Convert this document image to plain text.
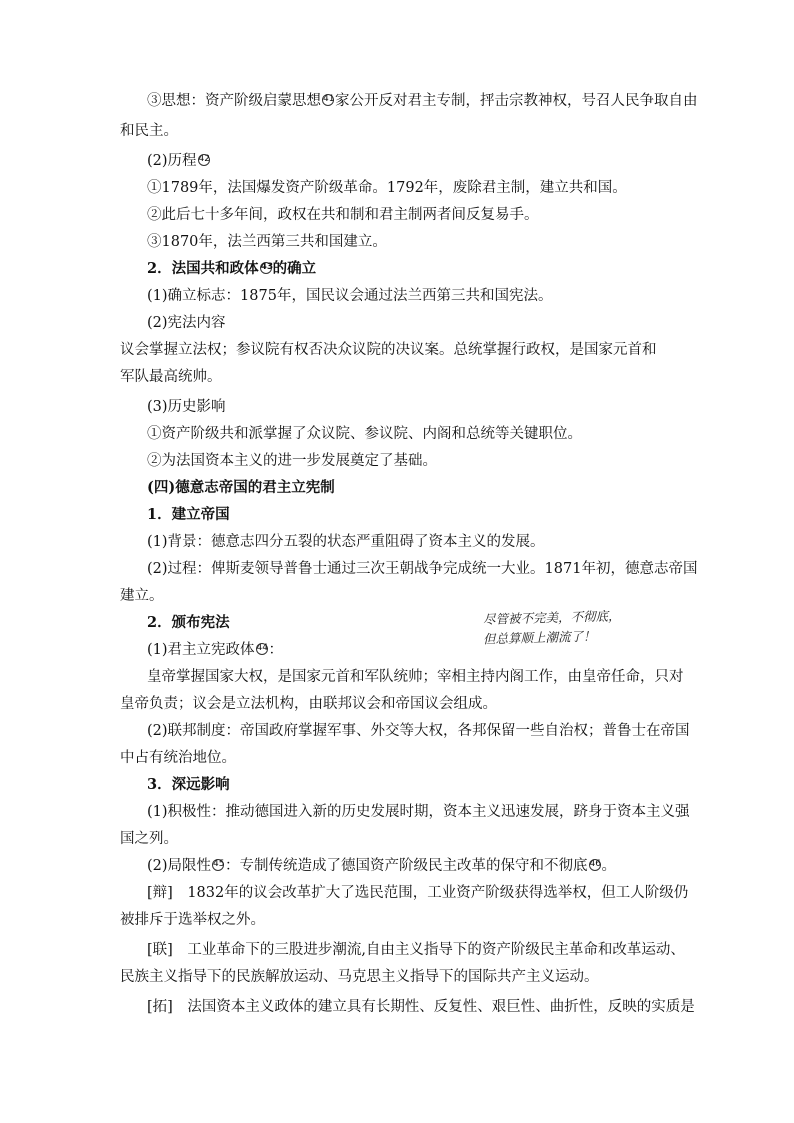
③思想：资产阶级启蒙思想 41家公开反对君主专制，抨击宗教神权，号召人民争取自由
和民主。
(2)历程 42
①1789年，法国爆发资产阶级革命。1792年，废除君主制，建立共和国。
②此后七十多年间，政权在共和制和君主制两者间反复易手。
③1870年，法兰西第三共和国建立。
2．法国共和政体 43的确立
(1)确立标志：1875年，国民议会通过法兰西第三共和国宪法。
(2)宪法内容
议会掌握立法权；参议院有权否决众议院的决议案。总统掌握行政权，是国家元首和
军队最高统帅。
(3)历史影响
①资产阶级共和派掌握了众议院、参议院、内阁和总统等关键职位。
②为法国资本主义的进一步发展奠定了基础。
(四)德意志帝国的君主立宪制
1．建立帝国
(1)背景：德意志四分五裂的状态严重阻碍了资本主义的发展。
(2)过程：俾斯麦领导普鲁士通过三次王朝战争完成统一大业。1871年初，德意志帝国
建立。
2．颁布宪法
(1)君主立宪政体 44：
皇帝掌握国家大权，是国家元首和军队统帅；宰相主持内阁工作，由皇帝任命，只对
皇帝负责；议会是立法机构，由联邦议会和帝国议会组成。
(2)联邦制度：帝国政府掌握军事、外交等大权，各邦保留一些自治权；普鲁士在帝国
中占有统治地位。
3．深远影响
(1)积极性：推动德国进入新的历史发展时期，资本主义迅速发展，跻身于资本主义强
国之列。
(2)局限性 45：专制传统造成了德国资产阶级民主改革的保守和不彻底 46。
[辩]　1832年的议会改革扩大了选民范围，工业资产阶级获得选举权，但工人阶级仍
被排斥于选举权之外。
[联]　工业革命下的三股进步潮流,自由主义指导下的资产阶级民主革命和改革运动、
民族主义指导下的民族解放运动、马克思主义指导下的国际共产主义运动。
[拓]　法国资本主义政体的建立具有长期性、反复性、艰巨性、曲折性，反映的实质是
尽管被不完美，不彻底，
但总算顺上潮流了！
